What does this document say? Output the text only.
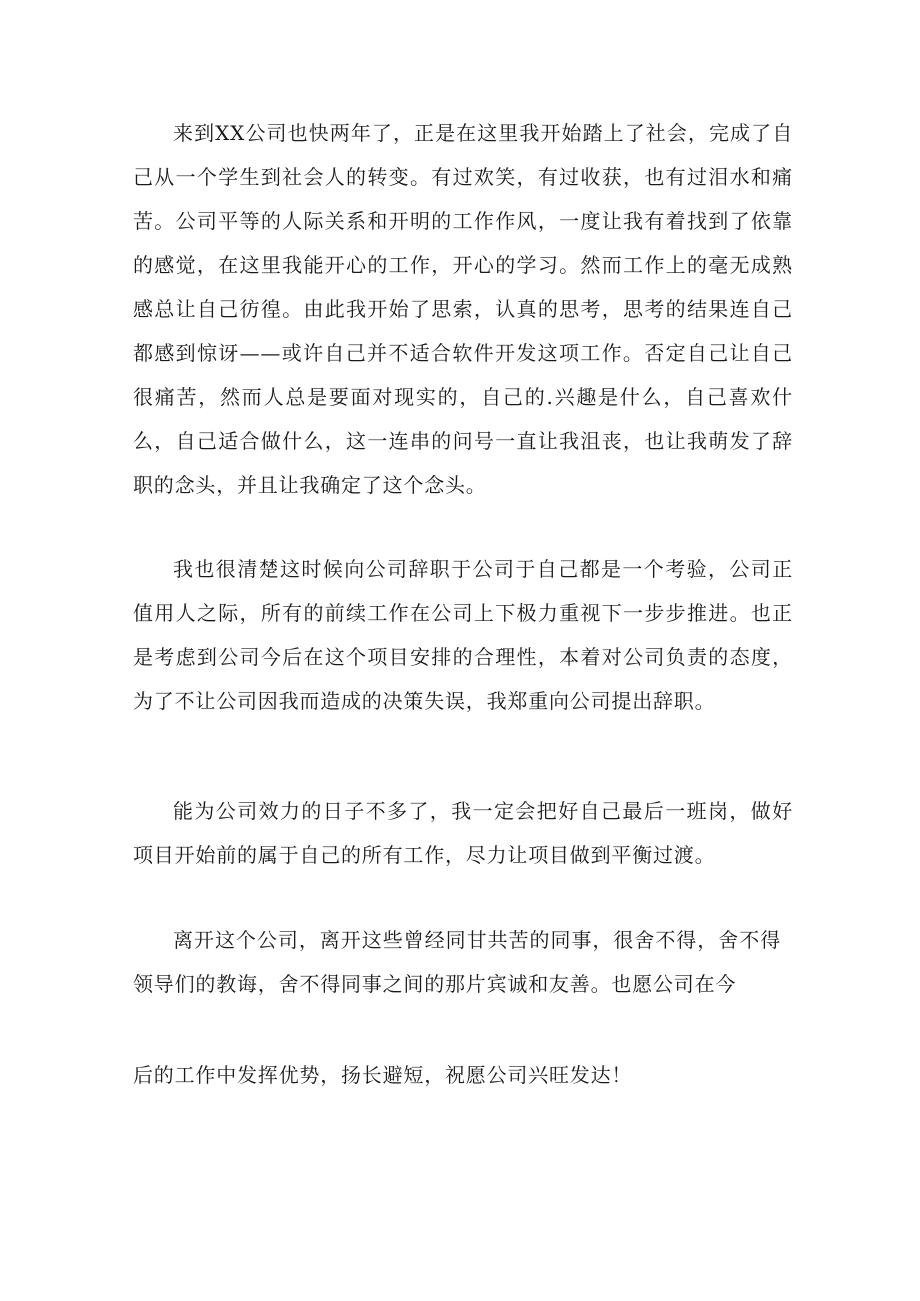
来到XX公司也快两年了，正是在这里我开始踏上了社会，完成了自己从一个学生到社会人的转变。有过欢笑，有过收获，也有过泪水和痛苦。公司平等的人际关系和开明的工作作风，一度让我有着找到了依靠的感觉，在这里我能开心的工作，开心的学习。然而工作上的毫无成熟感总让自己彷徨。由此我开始了思索，认真的思考，思考的结果连自己都感到惊讶——或许自己并不适合软件开发这项工作。否定自己让自己很痛苦，然而人总是要面对现实的，自己的.兴趣是什么，自己喜欢什么，自己适合做什么，这一连串的问号一直让我沮丧，也让我萌发了辞职的念头，并且让我确定了这个念头。

我也很清楚这时候向公司辞职于公司于自己都是一个考验，公司正值用人之际，所有的前续工作在公司上下极力重视下一步步推进。也正是考虑到公司今后在这个项目安排的合理性，本着对公司负责的态度，为了不让公司因我而造成的决策失误，我郑重向公司提出辞职。

能为公司效力的日子不多了，我一定会把好自己最后一班岗，做好项目开始前的属于自己的所有工作，尽力让项目做到平衡过渡。

离开这个公司，离开这些曾经同甘共苦的同事，很舍不得，舍不得领导们的教诲，舍不得同事之间的那片宾诚和友善。也愿公司在今

后的工作中发挥优势，扬长避短，祝愿公司兴旺发达！
